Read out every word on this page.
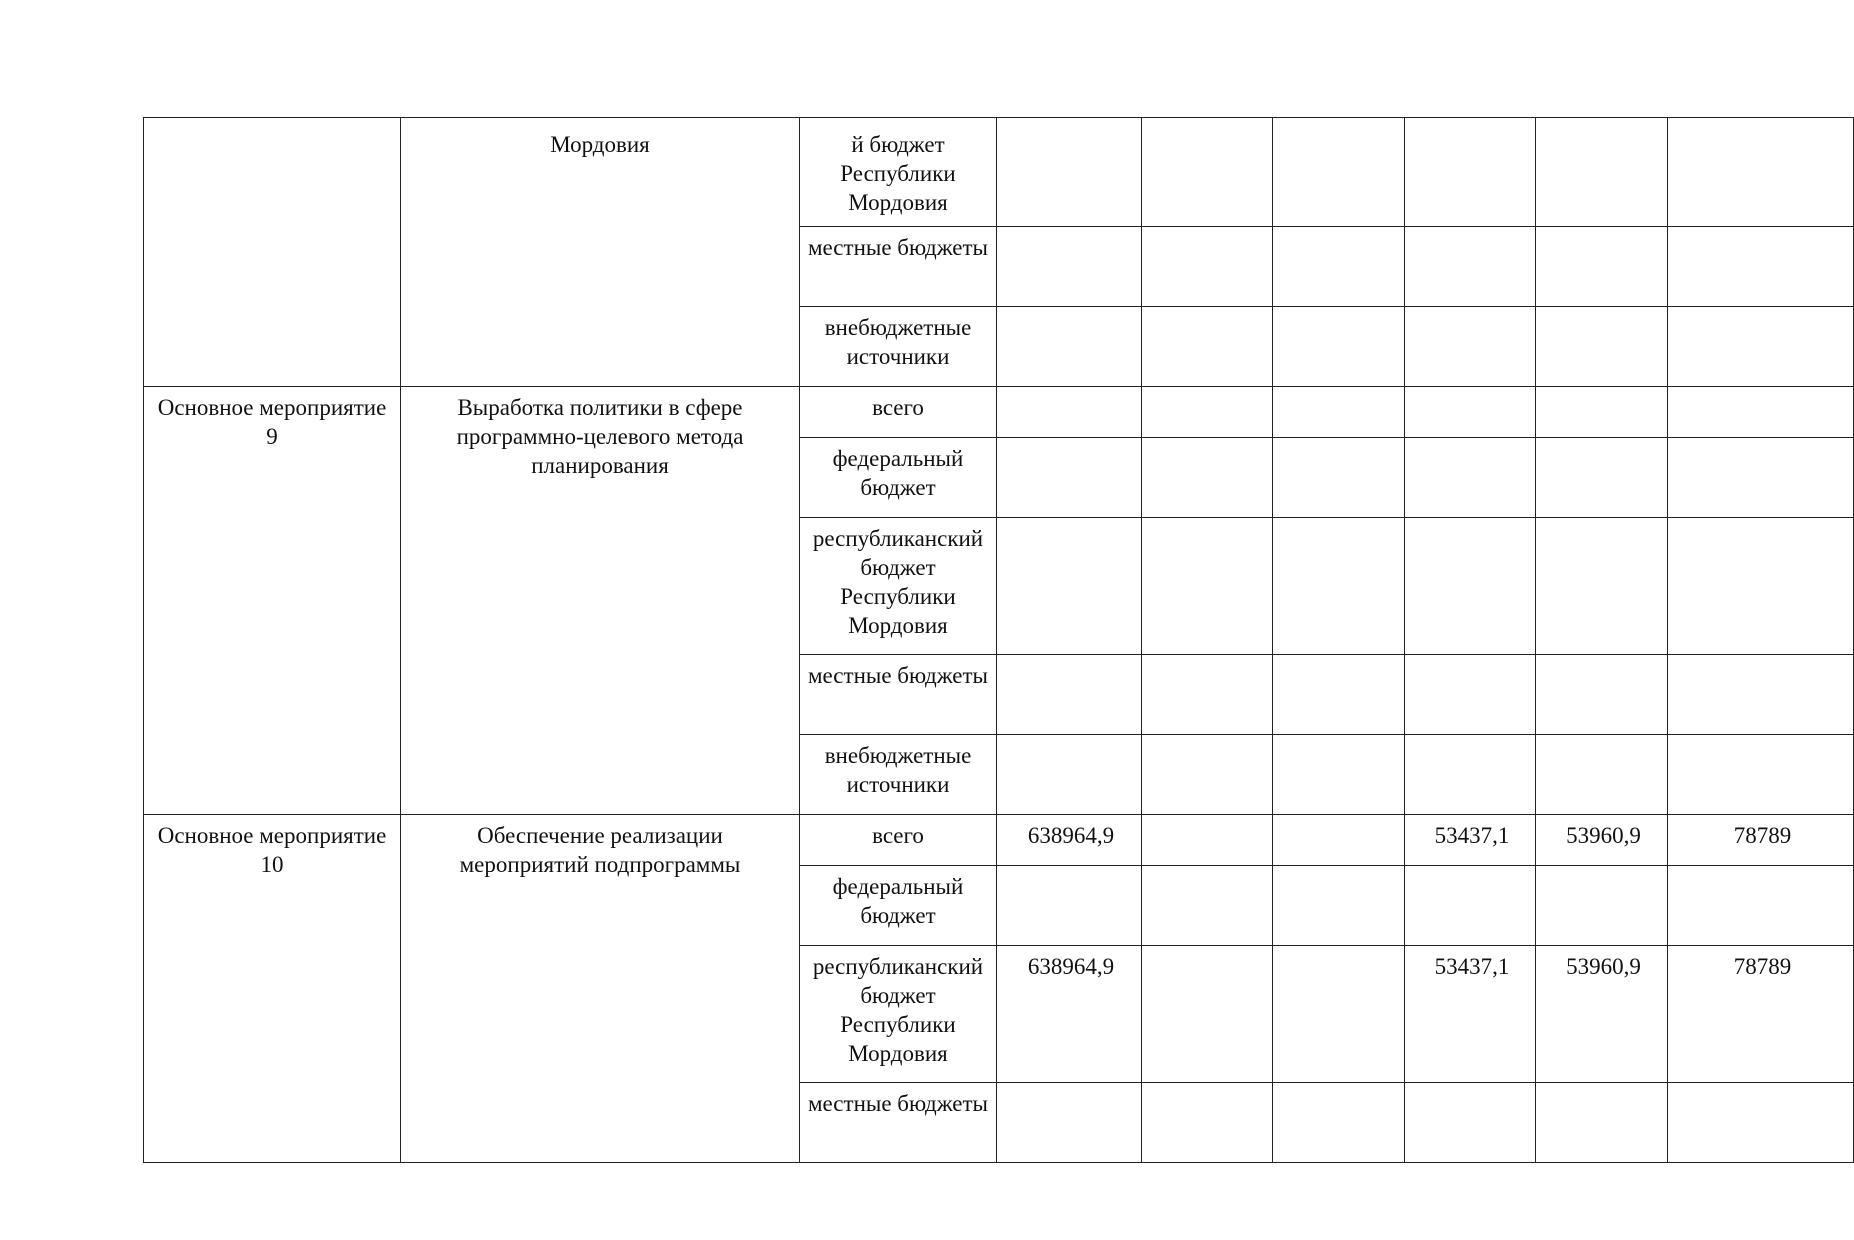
	Мордовия	й бюджет Республики Мордовия						
		местные бюджеты						
		внебюджетные источники						
Основное мероприятие 9	Выработка политики в сфере программно-целевого метода планирования	всего						
		федеральный бюджет						
		республиканский бюджет Республики Мордовия						
		местные бюджеты						
		внебюджетные источники						
Основное мероприятие 10	Обеспечение реализации мероприятий подпрограммы	всего	638964,9			53437,1	53960,9	78789
		федеральный бюджет						
		республиканский бюджет Республики Мордовия	638964,9			53437,1	53960,9	78789
		местные бюджеты						
